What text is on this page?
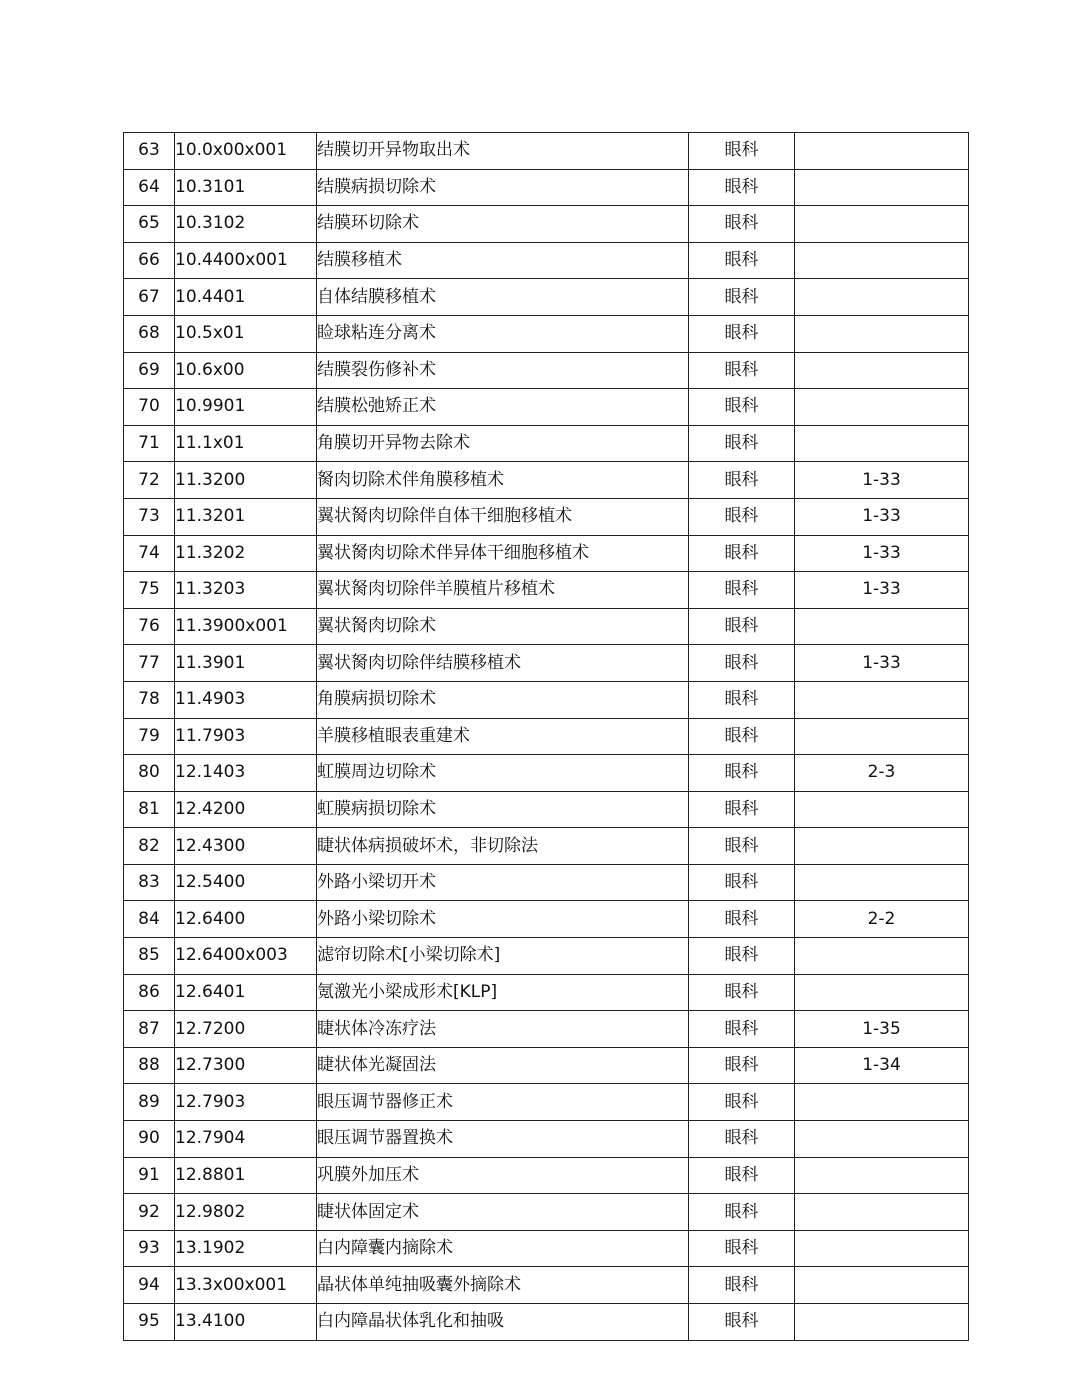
63	10.0x00x001	结膜切开异物取出术	眼科	
64	10.3101	结膜病损切除术	眼科	
65	10.3102	结膜环切除术	眼科	
66	10.4400x001	结膜移植术	眼科	
67	10.4401	自体结膜移植术	眼科	
68	10.5x01	睑球粘连分离术	眼科	
69	10.6x00	结膜裂伤修补术	眼科	
70	10.9901	结膜松弛矫正术	眼科	
71	11.1x01	角膜切开异物去除术	眼科	
72	11.3200	胬肉切除术伴角膜移植术	眼科	1-33
73	11.3201	翼状胬肉切除伴自体干细胞移植术	眼科	1-33
74	11.3202	翼状胬肉切除术伴异体干细胞移植术	眼科	1-33
75	11.3203	翼状胬肉切除伴羊膜植片移植术	眼科	1-33
76	11.3900x001	翼状胬肉切除术	眼科	
77	11.3901	翼状胬肉切除伴结膜移植术	眼科	1-33
78	11.4903	角膜病损切除术	眼科	
79	11.7903	羊膜移植眼表重建术	眼科	
80	12.1403	虹膜周边切除术	眼科	2-3
81	12.4200	虹膜病损切除术	眼科	
82	12.4300	睫状体病损破坏术，非切除法	眼科	
83	12.5400	外路小梁切开术	眼科	
84	12.6400	外路小梁切除术	眼科	2-2
85	12.6400x003	滤帘切除术[小梁切除术]	眼科	
86	12.6401	氪激光小梁成形术[KLP]	眼科	
87	12.7200	睫状体冷冻疗法	眼科	1-35
88	12.7300	睫状体光凝固法	眼科	1-34
89	12.7903	眼压调节器修正术	眼科	
90	12.7904	眼压调节器置换术	眼科	
91	12.8801	巩膜外加压术	眼科	
92	12.9802	睫状体固定术	眼科	
93	13.1902	白内障囊内摘除术	眼科	
94	13.3x00x001	晶状体单纯抽吸囊外摘除术	眼科	
95	13.4100	白内障晶状体乳化和抽吸	眼科	
